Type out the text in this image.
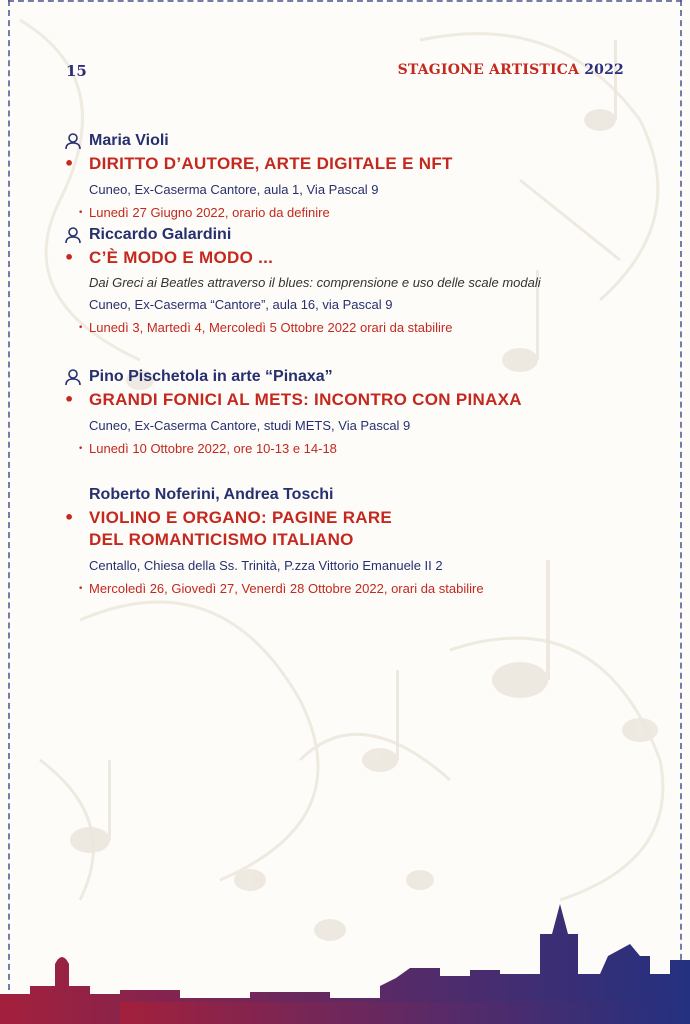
15	STAGIONE ARTISTICA 2022
Maria Violi
• DIRITTO D’AUTORE, ARTE DIGITALE E NFT
Cuneo, Ex-Caserma Cantore, aula 1, Via Pascal 9
• Lunedì 27 Giugno 2022, orario da definire
Riccardo Galardini
• C’È MODO E MODO ...
Dai Greci ai Beatles attraverso il blues: comprensione e uso delle scale modali
Cuneo, Ex-Caserma “Cantore”, aula 16, via Pascal 9
• Lunedì 3, Martedì 4, Mercoledì 5 Ottobre 2022 orari da stabilire
Pino Pischetola in arte “Pinaxa”
• GRANDI FONICI AL METS: INCONTRO CON PINAXA
Cuneo, Ex-Caserma Cantore, studi METS, Via Pascal 9
• Lunedì 10 Ottobre 2022, ore 10-13 e 14-18
Roberto Noferini, Andrea Toschi
• VIOLINO E ORGANO: PAGINE RARE
DEL ROMANTICISMO ITALIANO
Centallo, Chiesa della Ss. Trinità, P.zza Vittorio Emanuele II 2
• Mercoledì 26, Giovedì 27, Venerdì 28 Ottobre 2022, orari da stabilire
